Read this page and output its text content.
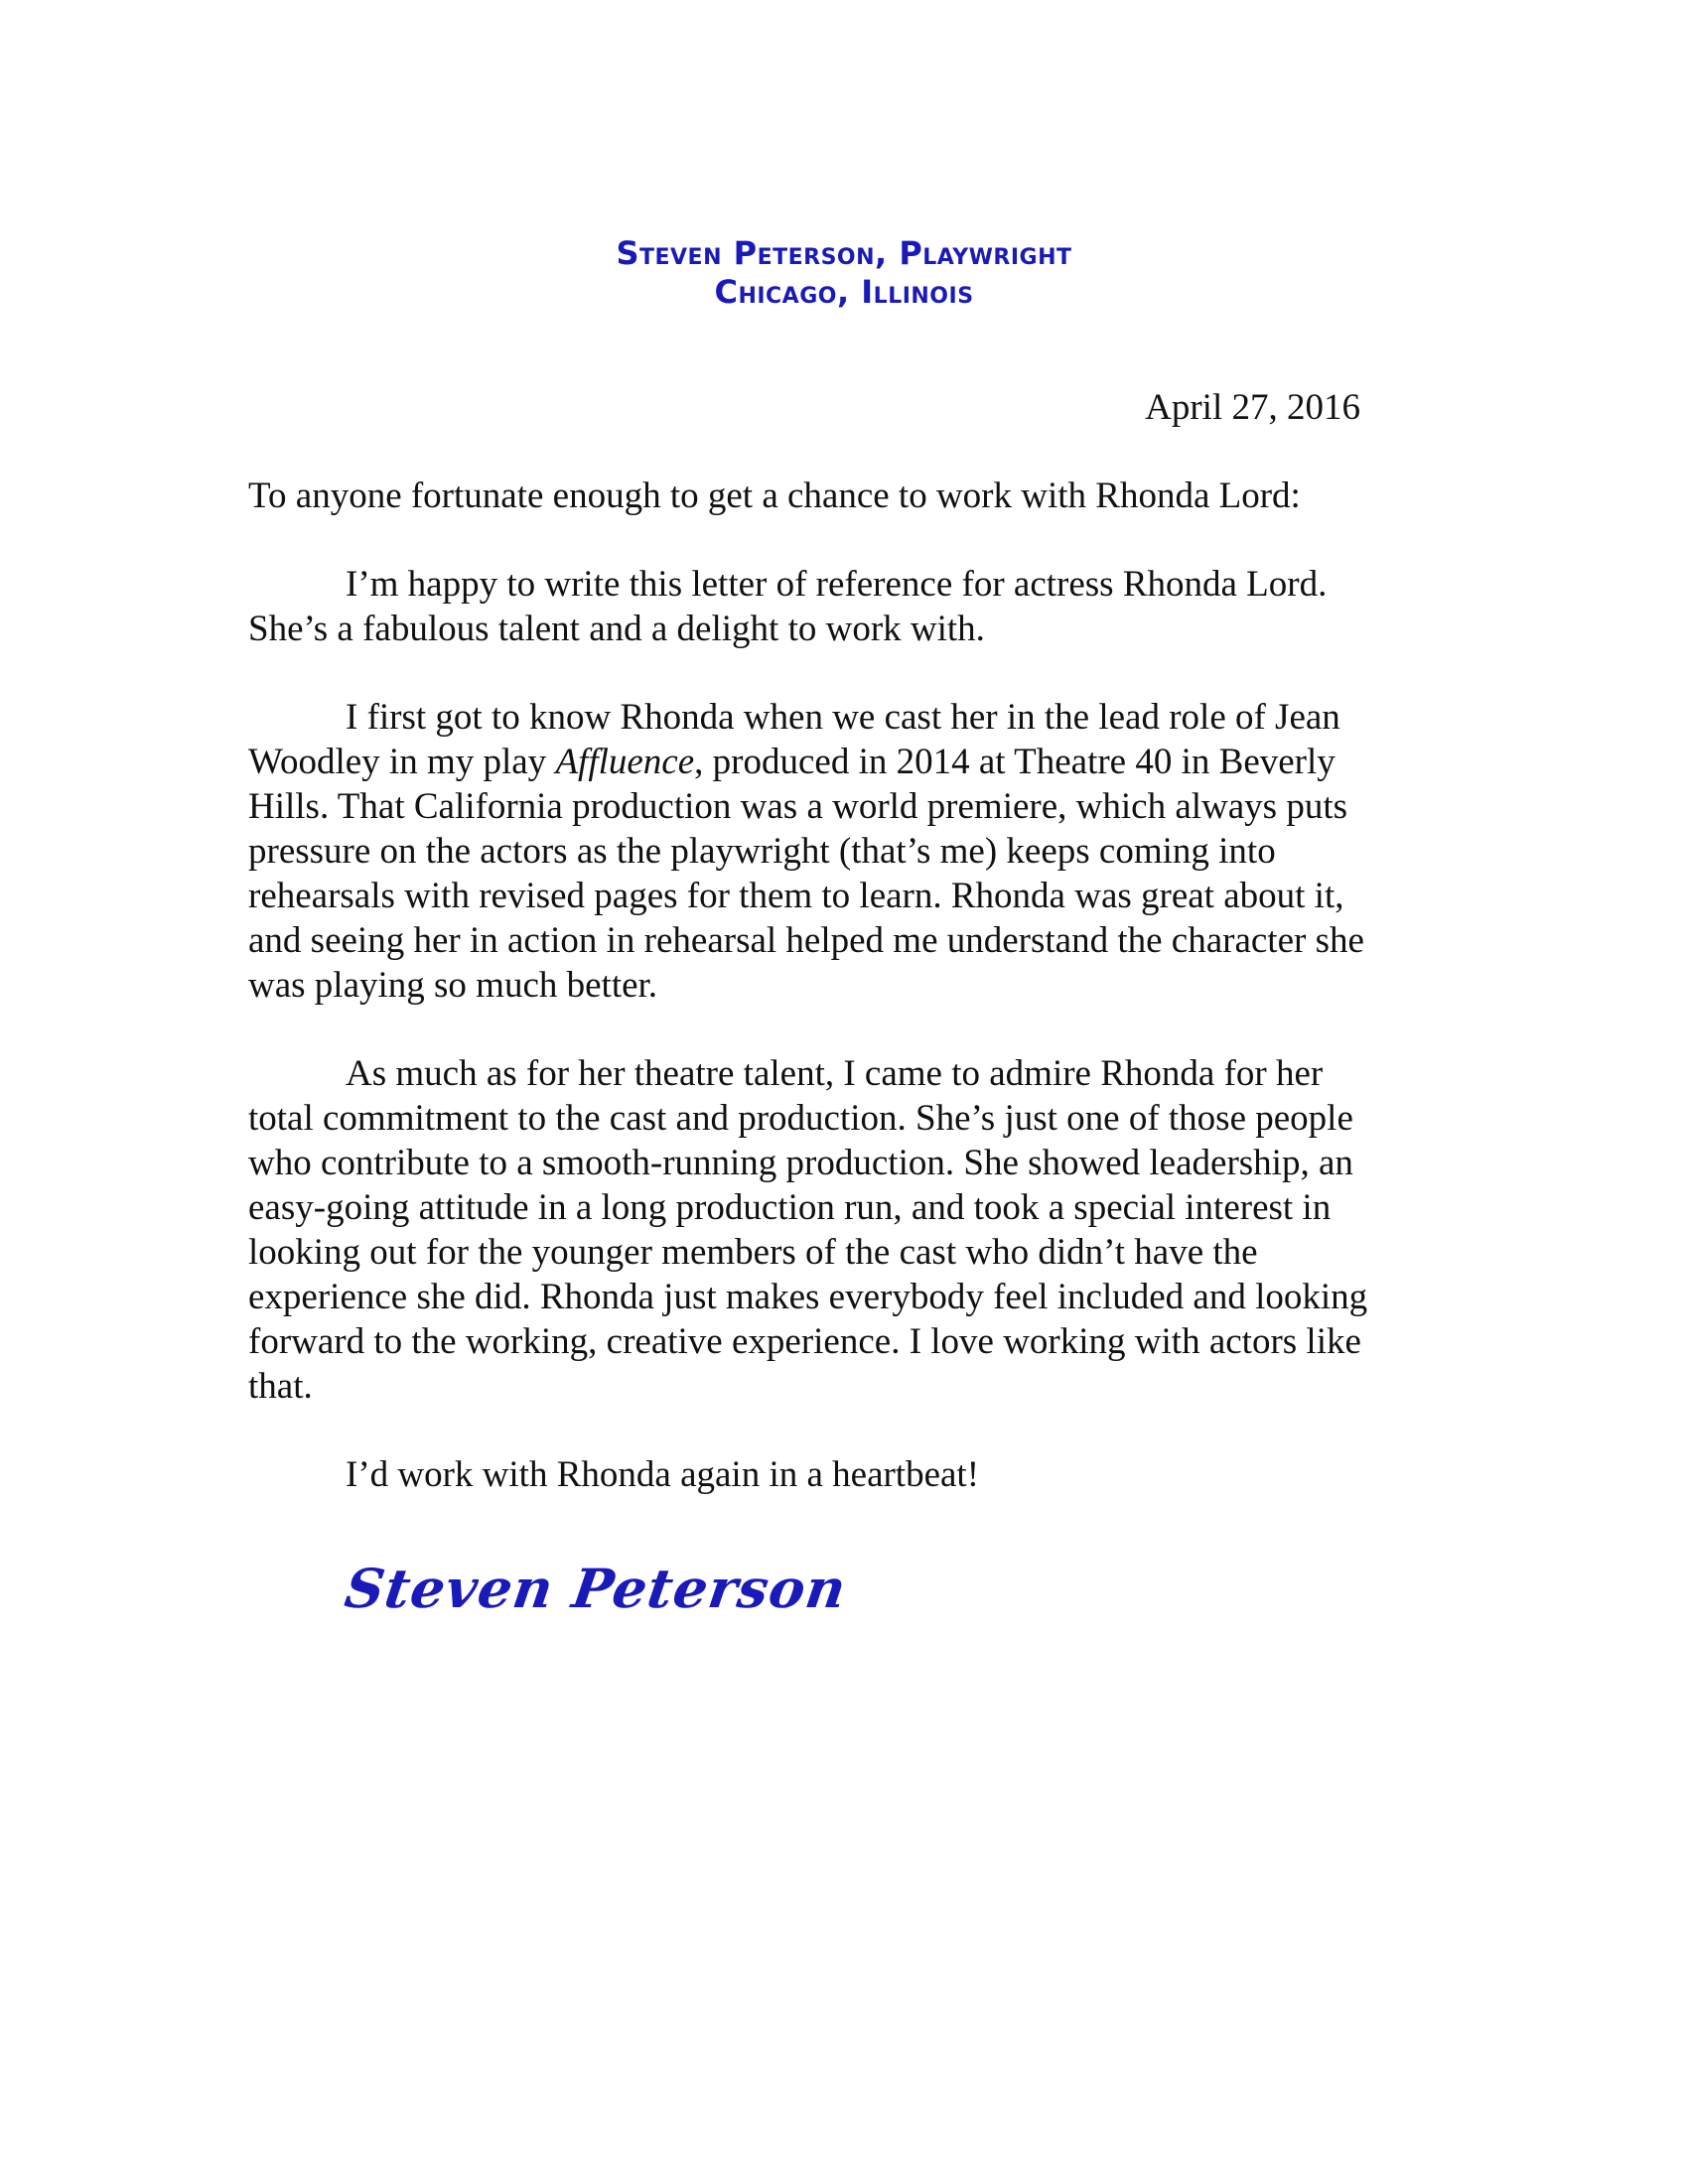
Steven Peterson, Playwright
Chicago, Illinois
April 27, 2016
To anyone fortunate enough to get a chance to work with Rhonda Lord:
I’m happy to write this letter of reference for actress Rhonda Lord.
She’s a fabulous talent and a delight to work with.
I first got to know Rhonda when we cast her in the lead role of Jean
Woodley in my play Affluence, produced in 2014 at Theatre 40 in Beverly
Hills. That California production was a world premiere, which always puts
pressure on the actors as the playwright (that’s me) keeps coming into
rehearsals with revised pages for them to learn. Rhonda was great about it,
and seeing her in action in rehearsal helped me understand the character she
was playing so much better.
As much as for her theatre talent, I came to admire Rhonda for her
total commitment to the cast and production. She’s just one of those people
who contribute to a smooth-running production. She showed leadership, an
easy-going attitude in a long production run, and took a special interest in
looking out for the younger members of the cast who didn’t have the
experience she did. Rhonda just makes everybody feel included and looking
forward to the working, creative experience. I love working with actors like
that.
I’d work with Rhonda again in a heartbeat!
Steven Peterson
